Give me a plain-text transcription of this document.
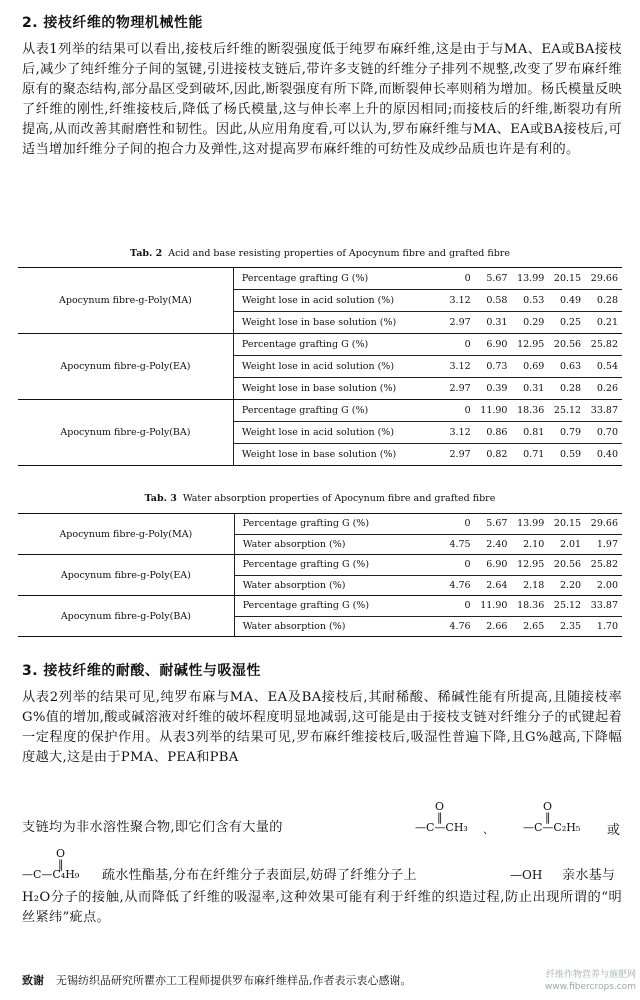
2. 接枝纤维的物理机械性能
从表1列举的结果可以看出,接枝后纤维的断裂强度低于纯罗布麻纤维,这是由于与MA、EA或BA接枝后,减少了纯纤维分子间的氢键,引进接枝支链后,带许多支链的纤维分子排列不规整,改变了罗布麻纤维原有的聚态结构,部分晶区受到破坏,因此,断裂强度有所下降,而断裂伸长率则稍为增加。杨氏模量反映了纤维的刚性,纤维接枝后,降低了杨氏模量,这与伸长率上升的原因相同;而接枝后的纤维,断裂功有所提高,从而改善其耐磨性和韧性。因此,从应用角度看,可以认为,罗布麻纤维与MA、EA或BA接枝后,可适当增加纤维分子间的抱合力及弹性,这对提高罗布麻纤维的可纺性及成纱品质也许是有利的。
Tab. 2 Acid and base resisting properties of Apocynum fibre and grafted fibre
Apocynum fibre-g-Poly(MA)	Percentage grafting G (%)	0	5.67	13.99	20.15	29.66
	Weight lose in acid solution (%)	3.12	0.58	0.53	0.49	0.28
	Weight lose in base solution (%)	2.97	0.31	0.29	0.25	0.21
Apocynum fibre-g-Poly(EA)	Percentage grafting G (%)	0	6.90	12.95	20.56	25.82
	Weight lose in acid solution (%)	3.12	0.73	0.69	0.63	0.54
	Weight lose in base solution (%)	2.97	0.39	0.31	0.28	0.26
Apocynum fibre-g-Poly(BA)	Percentage grafting G (%)	0	11.90	18.36	25.12	33.87
	Weight lose in acid solution (%)	3.12	0.86	0.81	0.79	0.70
	Weight lose in base solution (%)	2.97	0.82	0.71	0.59	0.40
Tab. 3 Water absorption properties of Apocynum fibre and grafted fibre
Apocynum fibre-g-Poly(MA)	Percentage grafting G (%)	0	5.67	13.99	20.15	29.66
	Water absorption (%)	4.75	2.40	2.10	2.01	1.97
Apocynum fibre-g-Poly(EA)	Percentage grafting G (%)	0	6.90	12.95	20.56	25.82
	Water absorption (%)	4.76	2.64	2.18	2.20	2.00
Apocynum fibre-g-Poly(BA)	Percentage grafting G (%)	0	11.90	18.36	25.12	33.87
	Water absorption (%)	4.76	2.66	2.65	2.35	1.70
3. 接枝纤维的耐酸、耐碱性与吸湿性
从表2列举的结果可见,纯罗布麻与MA、EA及BA接枝后,其耐稀酸、稀碱性能有所提高,且随接枝率G%值的增加,酸或碱溶液对纤维的破坏程度明显地减弱,这可能是由于接枝支链对纤维分子的甙键起着一定程度的保护作用。从表3列举的结果可见,罗布麻纤维接枝后,吸湿性普遍下降,且G%越高,下降幅度越大,这是由于PMA、PEA和PBA
支链均为非水溶性聚合物,即它们含有大量的
O
‖
—C—CH₃ 、
O
‖
—C—C₂H₅ 或
O
‖
—C—C₄H₉ 疏水性酯基,分布在纤维分子表面层,妨碍了纤维分子上	—OH 亲水基与
H₂O分子的接触,从而降低了纤维的吸湿率,这种效果可能有利于纤维的织造过程,防止出现所谓的“明丝紧纬”疵点。
致谢 无锡纺织品研究所瞿亦工工程师提供罗布麻纤维样品,作者表示衷心感谢。	纤维作物营养与施肥网
www.fibercrops.com
